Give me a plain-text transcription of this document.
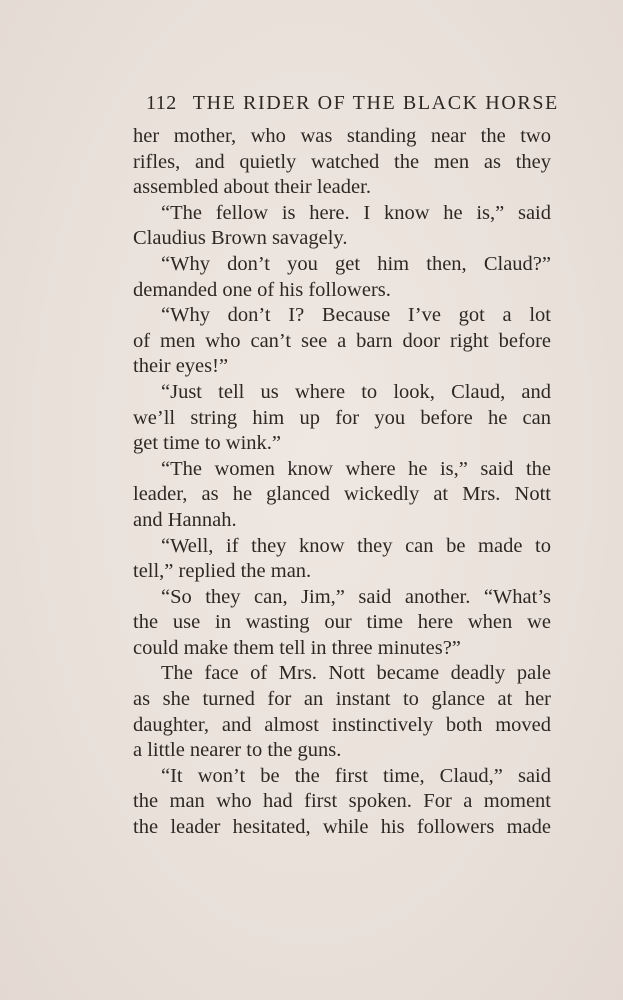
112 THE RIDER OF THE BLACK HORSE
her mother, who was standing near the two
rifles, and quietly watched the men as they
assembled about their leader.
“The fellow is here. I know he is,” said
Claudius Brown savagely.
“Why don’t you get him then, Claud?”
demanded one of his followers.
“Why don’t I? Because I’ve got a lot
of men who can’t see a barn door right before
their eyes!”
“Just tell us where to look, Claud, and
we’ll string him up for you before he can
get time to wink.”
“The women know where he is,” said the
leader, as he glanced wickedly at Mrs. Nott
and Hannah.
“Well, if they know they can be made to
tell,” replied the man.
“So they can, Jim,” said another. “What’s
the use in wasting our time here when we
could make them tell in three minutes?”
The face of Mrs. Nott became deadly pale
as she turned for an instant to glance at her
daughter, and almost instinctively both moved
a little nearer to the guns.
“It won’t be the first time, Claud,” said
the man who had first spoken. For a moment
the leader hesitated, while his followers made
